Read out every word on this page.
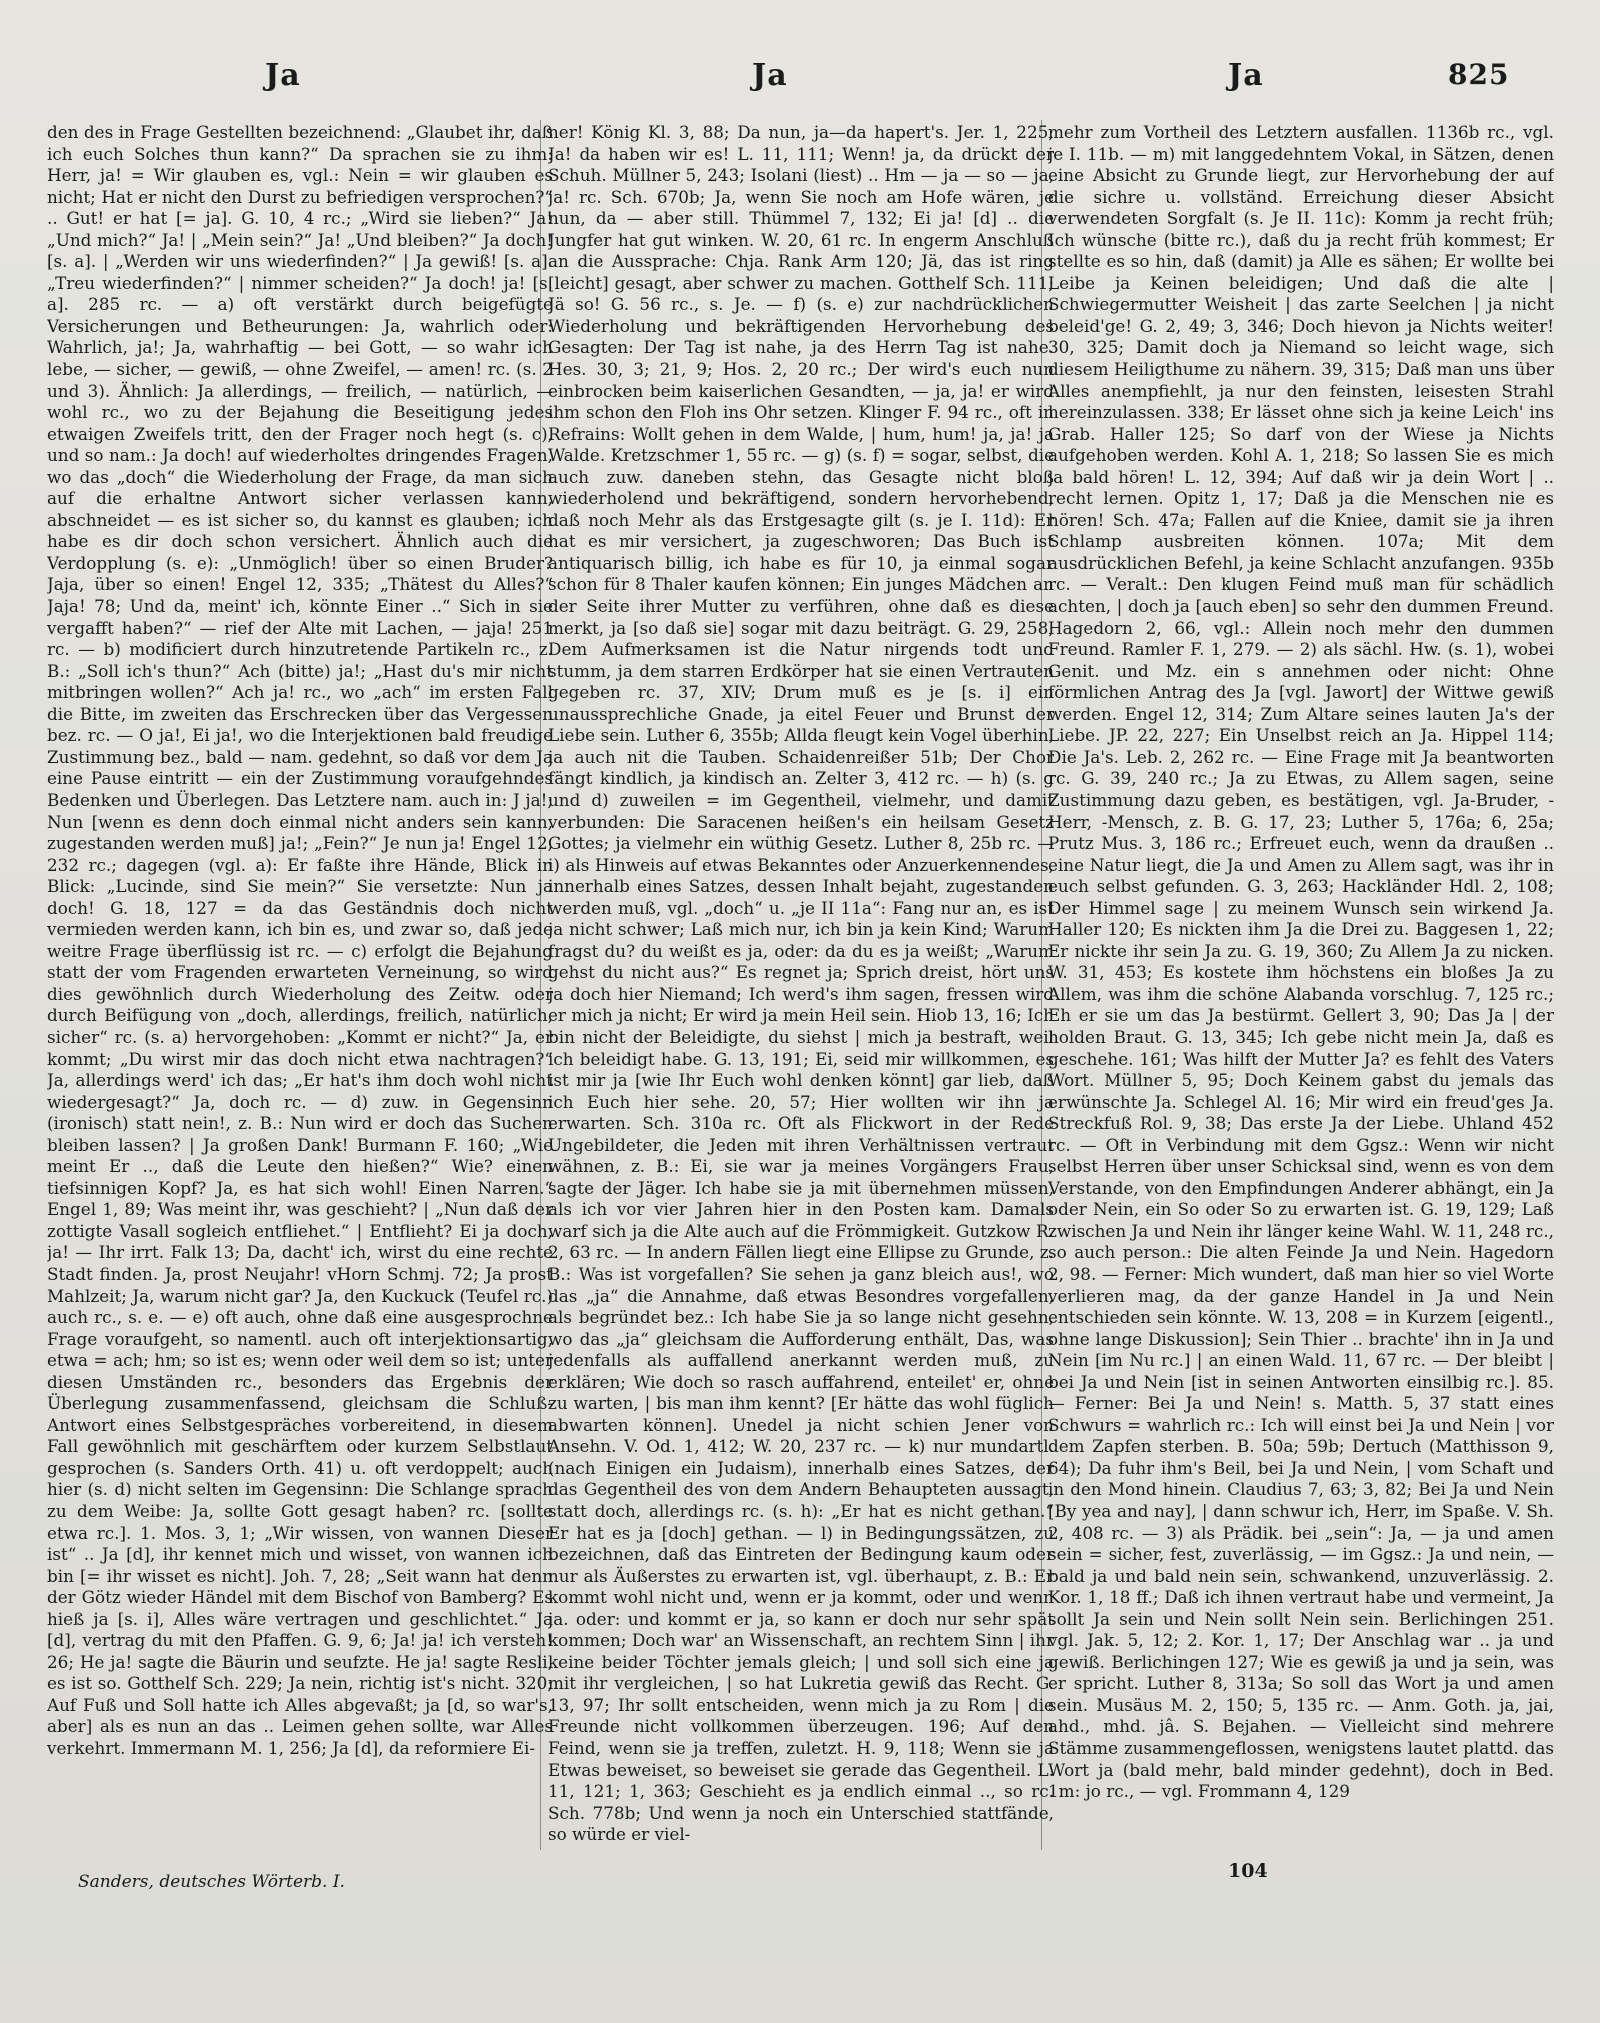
Ja	Ja	Ja	825

den des in Frage Gestellten bezeichnend: „Glaubet ihr, daß ich euch Solches thun kann?“ Da sprachen sie zu ihm: Herr, ja! = Wir glauben es, vgl.: Nein = wir glauben es nicht; Hat er nicht den Durst zu befriedigen versprochen?“ .. Gut! er hat [= ja]. G. 10, 4 rc.; „Wird sie lieben?“ Ja! „Und mich?“ Ja! | „Mein sein?“ Ja! „Und bleiben?“ Ja doch! [s. a]. | „Werden wir uns wiederfinden?“ | Ja gewiß! [s. a]. „Treu wiederfinden?“ | nimmer scheiden?“ Ja doch! ja! [s. a]. 285 rc. — a) oft verstärkt durch beigefügte Versicherungen und Betheurungen: Ja, wahrlich oder: Wahrlich, ja!; Ja, wahrhaftig — bei Gott, — so wahr ich lebe, — sicher, — gewiß, — ohne Zweifel, — amen! rc. (s. 2 und 3). Ähnlich: Ja allerdings, — freilich, — natürlich, — wohl rc., wo zu der Bejahung die Beseitigung jedes etwaigen Zweifels tritt, den der Frager noch hegt (s. c), und so nam.: Ja doch! auf wiederholtes dringendes Fragen, wo das „doch“ die Wiederholung der Frage, da man sich auf die erhaltne Antwort sicher verlassen kann, abschneidet — es ist sicher so, du kannst es glauben; ich habe es dir doch schon versichert. Ähnlich auch die Verdopplung (s. e): „Unmöglich! über so einen Bruder? Jaja, über so einen! Engel 12, 335; „Thätest du Alles?“ Jaja! 78; Und da, meint' ich, könnte Einer ..“ Sich in sie vergafft haben?“ — rief der Alte mit Lachen, — jaja! 251 rc. — b) modificiert durch hinzutretende Partikeln rc., z. B.: „Soll ich's thun?“ Ach (bitte) ja!; „Hast du's mir nicht mitbringen wollen?“ Ach ja! rc., wo „ach“ im ersten Fall die Bitte, im zweiten das Erschrecken über das Vergessen bez. rc. — O ja!, Ei ja!, wo die Interjektionen bald freudige Zustimmung bez., bald — nam. gedehnt, so daß vor dem Ja eine Pause eintritt — ein der Zustimmung voraufgehndes Bedenken und Überlegen. Das Letztere nam. auch in: J ja!; Nun [wenn es denn doch einmal nicht anders sein kann, zugestanden werden muß] ja!; „Fein?“ Je nun ja! Engel 12, 232 rc.; dagegen (vgl. a): Er faßte ihre Hände, Blick in Blick: „Lucinde, sind Sie mein?“ Sie versetzte: Nun ja doch! G. 18, 127 = da das Geständnis doch nicht vermieden werden kann, ich bin es, und zwar so, daß jede weitre Frage überflüssig ist rc. — c) erfolgt die Bejahung statt der vom Fragenden erwarteten Verneinung, so wird dies gewöhnlich durch Wiederholung des Zeitw. oder durch Beifügung von „doch, allerdings, freilich, natürlich, sicher“ rc. (s. a) hervorgehoben: „Kommt er nicht?“ Ja, er kommt; „Du wirst mir das doch nicht etwa nachtragen?“ Ja, allerdings werd' ich das; „Er hat's ihm doch wohl nicht wiedergesagt?“ Ja, doch rc. — d) zuw. in Gegensinn (ironisch) statt nein!, z. B.: Nun wird er doch das Suchen bleiben lassen? | Ja großen Dank! Burmann F. 160; „Wie meint Er .., daß die Leute den hießen?“ Wie? einen tiefsinnigen Kopf? Ja, es hat sich wohl! Einen Narren.“ Engel 1, 89; Was meint ihr, was geschieht? | „Nun daß der zottigte Vasall sogleich entfliehet.“ | Entflieht? Ei ja doch, ja! — Ihr irrt. Falk 13; Da, dacht' ich, wirst du eine rechte Stadt finden. Ja, prost Neujahr! vHorn Schmj. 72; Ja prost Mahlzeit; Ja, warum nicht gar? Ja, den Kuckuck (Teufel rc.) auch rc., s. e. — e) oft auch, ohne daß eine ausgesprochne Frage voraufgeht, so namentl. auch oft interjektionsartig, etwa = ach; hm; so ist es; wenn oder weil dem so ist; unter diesen Umständen rc., besonders das Ergebnis der Überlegung zusammenfassend, gleichsam die Schluß-Antwort eines Selbstgespräches vorbereitend, in diesem Fall gewöhnlich mit geschärftem oder kurzem Selbstlaut gesprochen (s. Sanders Orth. 41) u. oft verdoppelt; auch hier (s. d) nicht selten im Gegensinn: Die Schlange sprach zu dem Weibe: Ja, sollte Gott gesagt haben? rc. [sollte etwa rc.]. 1. Mos. 3, 1; „Wir wissen, von wannen Dieser ist“ .. Ja [d], ihr kennet mich und wisset, von wannen ich bin [= ihr wisset es nicht]. Joh. 7, 28; „Seit wann hat denn der Götz wieder Händel mit dem Bischof von Bamberg? Es hieß ja [s. i], Alles wäre vertragen und geschlichtet.“ Ja [d], vertrag du mit den Pfaffen. G. 9, 6; Ja! ja! ich versteh! 26; He ja! sagte die Bäurin und seufzte. He ja! sagte Resli, es ist so. Gotthelf Sch. 229; Ja nein, richtig ist's nicht. 320; Auf Fuß und Soll hatte ich Alles abgevaßt; ja [d, so war's, aber] als es nun an das .. Leimen gehen sollte, war Alles verkehrt. Immermann M. 1, 256; Ja [d], da reformiere Ei-

ner! König Kl. 3, 88; Da nun, ja—da hapert's. Jer. 1, 225; Ja! da haben wir es! L. 11, 111; Wenn! ja, da drückt der Schuh. Müllner 5, 243; Isolani (liest) .. Hm — ja — so — ja, ja! rc. Sch. 670b; Ja, wenn Sie noch am Hofe wären, je nun, da — aber still. Thümmel 7, 132; Ei ja! [d] .. die Jungfer hat gut winken. W. 20, 61 rc. In engerm Anschluß an die Aussprache: Chja. Rank Arm 120; Jä, das ist ring [leicht] gesagt, aber schwer zu machen. Gotthelf Sch. 111; Jä so! G. 56 rc., s. Je. — f) (s. e) zur nachdrücklichen Wiederholung und bekräftigenden Hervorhebung des Gesagten: Der Tag ist nahe, ja des Herrn Tag ist nahe. Hes. 30, 3; 21, 9; Hos. 2, 20 rc.; Der wird's euch nun einbrocken beim kaiserlichen Gesandten, — ja, ja! er wird ihm schon den Floh ins Ohr setzen. Klinger F. 94 rc., oft in Refrains: Wollt gehen in dem Walde, | hum, hum! ja, ja! ja Walde. Kretzschmer 1, 55 rc. — g) (s. f) = sogar, selbst, die auch zuw. daneben stehn, das Gesagte nicht bloß wiederholend und bekräftigend, sondern hervorhebend, daß noch Mehr als das Erstgesagte gilt (s. je I. 11d): Er hat es mir versichert, ja zugeschworen; Das Buch ist antiquarisch billig, ich habe es für 10, ja einmal sogar schon für 8 Thaler kaufen können; Ein junges Mädchen an der Seite ihrer Mutter zu verführen, ohne daß es diese merkt, ja [so daß sie] sogar mit dazu beiträgt. G. 29, 258; Dem Aufmerksamen ist die Natur nirgends todt und stumm, ja dem starren Erdkörper hat sie einen Vertrauten gegeben rc. 37, XIV; Drum muß es je [s. i] ein unaussprechliche Gnade, ja eitel Feuer und Brunst der Liebe sein. Luther 6, 355b; Allda fleugt kein Vogel überhin, ja auch nit die Tauben. Schaidenreißer 51b; Der Chor fängt kindlich, ja kindisch an. Zelter 3, 412 rc. — h) (s. g und d) zuweilen = im Gegentheil, vielmehr, und damit verbunden: Die Saracenen heißen's ein heilsam Gesetz Gottes; ja vielmehr ein wüthig Gesetz. Luther 8, 25b rc. — i) als Hinweis auf etwas Bekanntes oder Anzuerkennendes, innerhalb eines Satzes, dessen Inhalt bejaht, zugestanden werden muß, vgl. „doch“ u. „je II 11a“: Fang nur an, es ist ja nicht schwer; Laß mich nur, ich bin ja kein Kind; Warum fragst du? du weißt es ja, oder: da du es ja weißt; „Warum gehst du nicht aus?“ Es regnet ja; Sprich dreist, hört uns ja doch hier Niemand; Ich werd's ihm sagen, fressen wird er mich ja nicht; Er wird ja mein Heil sein. Hiob 13, 16; Ich bin nicht der Beleidigte, du siehst | mich ja bestraft, weil ich beleidigt habe. G. 13, 191; Ei, seid mir willkommen, es ist mir ja [wie Ihr Euch wohl denken könnt] gar lieb, daß ich Euch hier sehe. 20, 57; Hier wollten wir ihn ja erwarten. Sch. 310a rc. Oft als Flickwort in der Rede Ungebildeter, die Jeden mit ihren Verhältnissen vertraut wähnen, z. B.: Ei, sie war ja meines Vorgängers Frau, sagte der Jäger. Ich habe sie ja mit übernehmen müssen, als ich vor vier Jahren hier in den Posten kam. Damals warf sich ja die Alte auch auf die Frömmigkeit. Gutzkow R. 2, 63 rc. — In andern Fällen liegt eine Ellipse zu Grunde, z. B.: Was ist vorgefallen? Sie sehen ja ganz bleich aus!, wo das „ja“ die Annahme, daß etwas Besondres vorgefallen, als begründet bez.: Ich habe Sie ja so lange nicht gesehn, wo das „ja“ gleichsam die Aufforderung enthält, Das, was jedenfalls als auffallend anerkannt werden muß, zu erklären; Wie doch so rasch auffahrend, enteilet' er, ohne zu warten, | bis man ihm kennt? [Er hätte das wohl füglich abwarten können]. Unedel ja nicht schien Jener von Ansehn. V. Od. 1, 412; W. 20, 237 rc. — k) nur mundartl. (nach Einigen ein Judaism), innerhalb eines Satzes, der das Gegentheil des von dem Andern Behaupteten aussagt, statt doch, allerdings rc. (s. h): „Er hat es nicht gethan.“ Er hat es ja [doch] gethan. — l) in Bedingungssätzen, zu bezeichnen, daß das Eintreten der Bedingung kaum oder nur als Äußerstes zu erwarten ist, vgl. überhaupt, z. B.: Er kommt wohl nicht und, wenn er ja kommt, oder und wenn ja. oder: und kommt er ja, so kann er doch nur sehr spät kommen; Doch war' an Wissenschaft, an rechtem Sinn | ihr keine beider Töchter jemals gleich; | und soll sich eine ja mit ihr vergleichen, | so hat Lukretia gewiß das Recht. G. 13, 97; Ihr sollt entscheiden, wenn mich ja zu Rom | die Freunde nicht vollkommen überzeugen. 196; Auf den Feind, wenn sie ja treffen, zuletzt. H. 9, 118; Wenn sie ja Etwas beweiset, so beweiset sie gerade das Gegentheil. L. 11, 121; 1, 363; Geschieht es ja endlich einmal .., so rc. Sch. 778b; Und wenn ja noch ein Unterschied stattfände, so würde er viel-

mehr zum Vortheil des Letztern ausfallen. 1136b rc., vgl. je I. 11b. — m) mit langgedehntem Vokal, in Sätzen, denen eine Absicht zu Grunde liegt, zur Hervorhebung der auf die sichre u. vollständ. Erreichung dieser Absicht verwendeten Sorgfalt (s. Je II. 11c): Komm ja recht früh; Ich wünsche (bitte rc.), daß du ja recht früh kommest; Er stellte es so hin, daß (damit) ja Alle es sähen; Er wollte bei Leibe ja Keinen beleidigen; Und daß die alte | Schwiegermutter Weisheit | das zarte Seelchen | ja nicht beleid'ge! G. 2, 49; 3, 346; Doch hievon ja Nichts weiter! 30, 325; Damit doch ja Niemand so leicht wage, sich diesem Heiligthume zu nähern. 39, 315; Daß man uns über Alles anempfiehlt, ja nur den feinsten, leisesten Strahl hereinzulassen. 338; Er lässet ohne sich ja keine Leich' ins Grab. Haller 125; So darf von der Wiese ja Nichts aufgehoben werden. Kohl A. 1, 218; So lassen Sie es mich ja bald hören! L. 12, 394; Auf daß wir ja dein Wort | .. recht lernen. Opitz 1, 17; Daß ja die Menschen nie es hören! Sch. 47a; Fallen auf die Kniee, damit sie ja ihren Schlamp ausbreiten können. 107a; Mit dem ausdrücklichen Befehl, ja keine Schlacht anzufangen. 935b rc. — Veralt.: Den klugen Feind muß man für schädlich achten, | doch ja [auch eben] so sehr den dummen Freund. Hagedorn 2, 66, vgl.: Allein noch mehr den dummen Freund. Ramler F. 1, 279. — 2) als sächl. Hw. (s. 1), wobei Genit. und Mz. ein s annehmen oder nicht: Ohne förmlichen Antrag des Ja [vgl. Jawort] der Wittwe gewiß werden. Engel 12, 314; Zum Altare seines lauten Ja's der Liebe. JP. 22, 227; Ein Unselbst reich an Ja. Hippel 114; Die Ja's. Leb. 2, 262 rc. — Eine Frage mit Ja beantworten rc. G. 39, 240 rc.; Ja zu Etwas, zu Allem sagen, seine Zustimmung dazu geben, es bestätigen, vgl. Ja-Bruder, -Herr, -Mensch, z. B. G. 17, 23; Luther 5, 176a; 6, 25a; Prutz Mus. 3, 186 rc.; Erfreuet euch, wenn da draußen .. eine Natur liegt, die Ja und Amen zu Allem sagt, was ihr in euch selbst gefunden. G. 3, 263; Hackländer Hdl. 2, 108; Der Himmel sage | zu meinem Wunsch sein wirkend Ja. Haller 120; Es nickten ihm Ja die Drei zu. Baggesen 1, 22; Er nickte ihr sein Ja zu. G. 19, 360; Zu Allem Ja zu nicken. W. 31, 453; Es kostete ihm höchstens ein bloßes Ja zu Allem, was ihm die schöne Alabanda vorschlug. 7, 125 rc.; Eh er sie um das Ja bestürmt. Gellert 3, 90; Das Ja | der holden Braut. G. 13, 345; Ich gebe nicht mein Ja, daß es geschehe. 161; Was hilft der Mutter Ja? es fehlt des Vaters Wort. Müllner 5, 95; Doch Keinem gabst du jemals das erwünschte Ja. Schlegel Al. 16; Mir wird ein freud'ges Ja. Streckfuß Rol. 9, 38; Das erste Ja der Liebe. Uhland 452 rc. — Oft in Verbindung mit dem Ggsz.: Wenn wir nicht selbst Herren über unser Schicksal sind, wenn es von dem Verstande, von den Empfindungen Anderer abhängt, ein Ja oder Nein, ein So oder So zu erwarten ist. G. 19, 129; Laß zwischen Ja und Nein ihr länger keine Wahl. W. 11, 248 rc., so auch person.: Die alten Feinde Ja und Nein. Hagedorn 2, 98. — Ferner: Mich wundert, daß man hier so viel Worte verlieren mag, da der ganze Handel in Ja und Nein entschieden sein könnte. W. 13, 208 = in Kurzem [eigentl., ohne lange Diskussion]; Sein Thier .. brachte' ihn in Ja und Nein [im Nu rc.] | an einen Wald. 11, 67 rc. — Der bleibt | bei Ja und Nein [ist in seinen Antworten einsilbig rc.]. 85. — Ferner: Bei Ja und Nein! s. Matth. 5, 37 statt eines Schwurs = wahrlich rc.: Ich will einst bei Ja und Nein | vor dem Zapfen sterben. B. 50a; 59b; Dertuch (Matthisson 9, 64); Da fuhr ihm's Beil, bei Ja und Nein, | vom Schaft und in den Mond hinein. Claudius 7, 63; 3, 82; Bei Ja und Nein [By yea and nay], | dann schwur ich, Herr, im Spaße. V. Sh. 2, 408 rc. — 3) als Prädik. bei „sein“: Ja, — ja und amen sein = sicher, fest, zuverlässig, — im Ggsz.: Ja und nein, — bald ja und bald nein sein, schwankend, unzuverlässig. 2. Kor. 1, 18 ff.; Daß ich ihnen vertraut habe und vermeint, Ja sollt Ja sein und Nein sollt Nein sein. Berlichingen 251. vgl. Jak. 5, 12; 2. Kor. 1, 17; Der Anschlag war .. ja und gewiß. Berlichingen 127; Wie es gewiß ja und ja sein, was er spricht. Luther 8, 313a; So soll das Wort ja und amen sein. Musäus M. 2, 150; 5, 135 rc. — Anm. Goth. ja, jai, ahd., mhd. jâ. S. Bejahen. — Vielleicht sind mehrere Stämme zusammengeflossen, wenigstens lautet plattd. das Wort ja (bald mehr, bald minder gedehnt), doch in Bed. 1m: jo rc., — vgl. Frommann 4, 129

Sanders, deutsches Wörterb. I.	104
